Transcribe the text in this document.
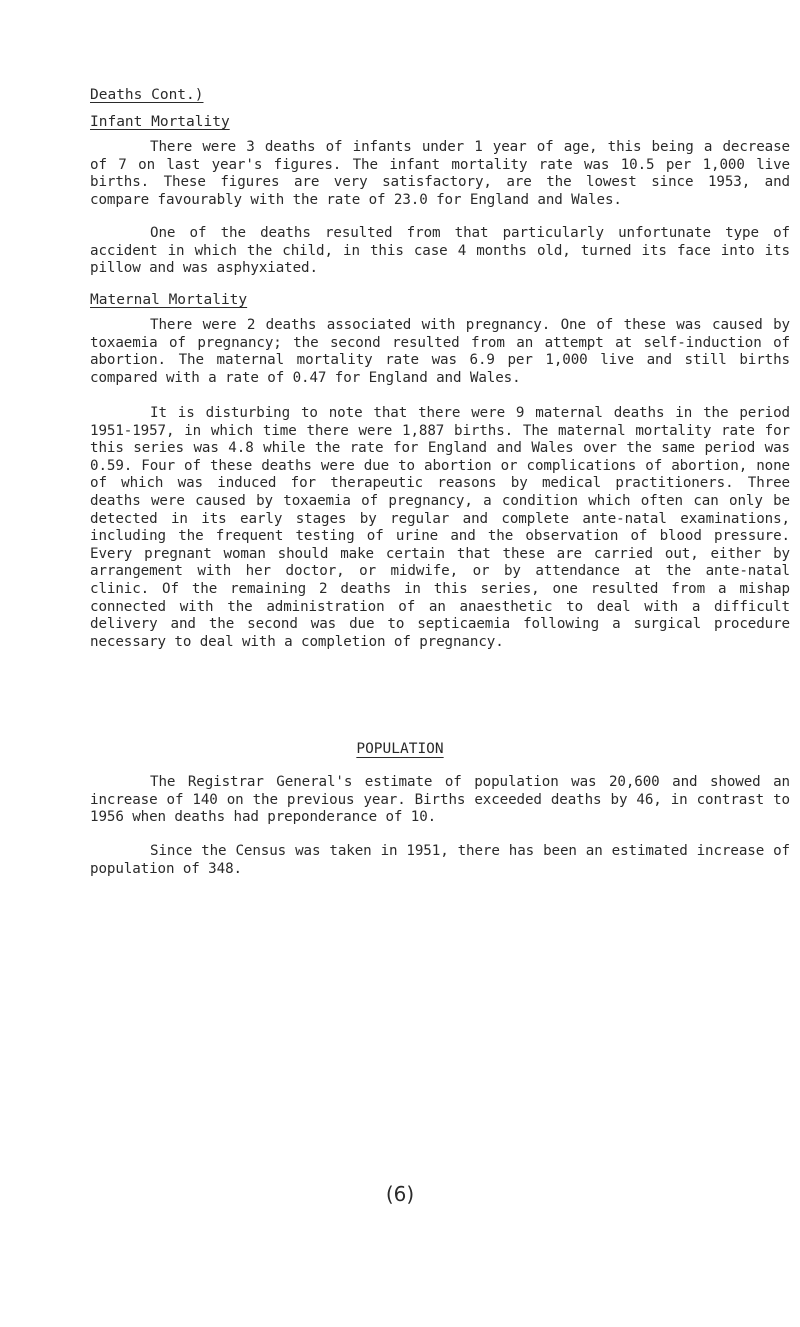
Deaths Cont.)
Infant Mortality

There were 3 deaths of infants under 1 year of age, this being a decrease of 7 on last year's figures. The infant mortality rate was 10.5 per 1,000 live births. These figures are very satisfactory, are the lowest since 1953, and compare favourably with the rate of 23.0 for England and Wales.

One of the deaths resulted from that particularly unfortunate type of accident in which the child, in this case 4 months old, turned its face into its pillow and was asphyxiated.

Maternal Mortality

There were 2 deaths associated with pregnancy. One of these was caused by toxaemia of pregnancy; the second resulted from an attempt at self-induction of abortion. The maternal mortality rate was 6.9 per 1,000 live and still births compared with a rate of 0.47 for England and Wales.

It is disturbing to note that there were 9 maternal deaths in the period 1951-1957, in which time there were 1,887 births. The maternal mortality rate for this series was 4.8 while the rate for England and Wales over the same period was 0.59. Four of these deaths were due to abortion or complications of abortion, none of which was induced for therapeutic reasons by medical practitioners. Three deaths were caused by toxaemia of pregnancy, a condition which often can only be detected in its early stages by regular and complete ante-natal examinations, including the frequent testing of urine and the observation of blood pressure. Every pregnant woman should make certain that these are carried out, either by arrangement with her doctor, or midwife, or by attendance at the ante-natal clinic. Of the remaining 2 deaths in this series, one resulted from a mishap connected with the administration of an anaesthetic to deal with a difficult delivery and the second was due to septicaemia following a surgical procedure necessary to deal with a completion of pregnancy.

POPULATION

The Registrar General's estimate of population was 20,600 and showed an increase of 140 on the previous year. Births exceeded deaths by 46, in contrast to 1956 when deaths had preponderance of 10.

Since the Census was taken in 1951, there has been an estimated increase of population of 348.

(6)
